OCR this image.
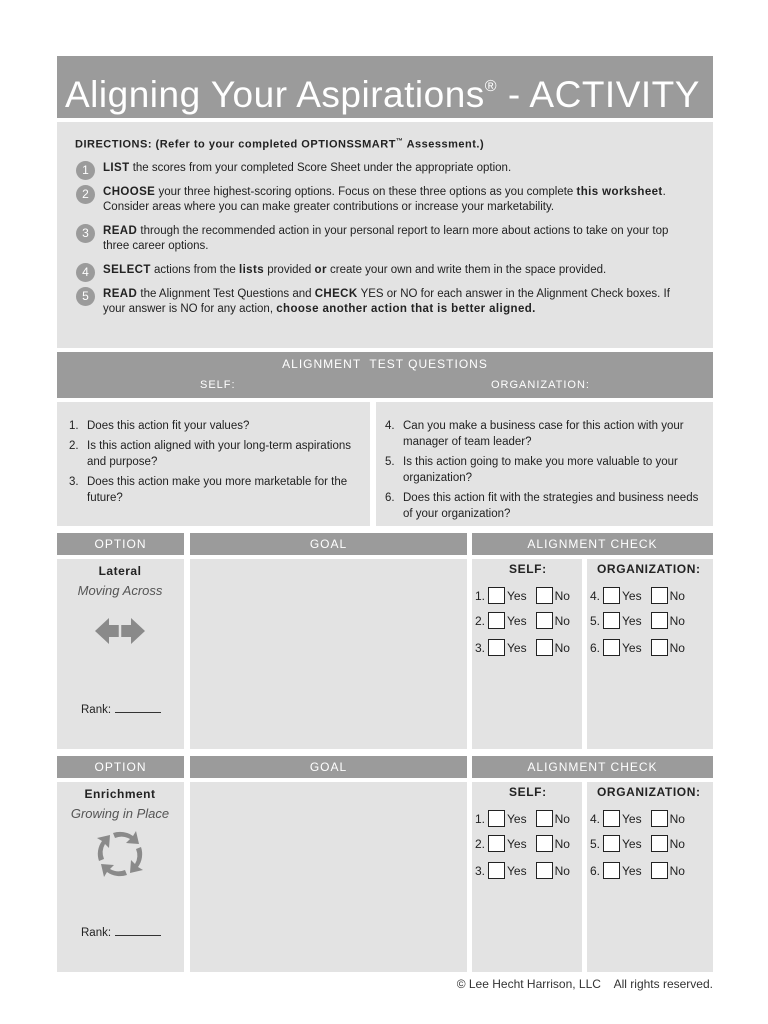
Aligning Your Aspirations® - ACTIVITY
DIRECTIONS: (Refer to your completed OPTIONSSMART™ Assessment.)
1	LIST the scores from your completed Score Sheet under the appropriate option.
2	CHOOSE your three highest-scoring options. Focus on these three options as you complete this worksheet. Consider areas where you can make greater contributions or increase your marketability.
3	READ through the recommended action in your personal report to learn more about actions to take on your top three career options.
4	SELECT actions from the lists provided or create your own and write them in the space provided.
5	READ the Alignment Test Questions and CHECK YES or NO for each answer in the Alignment Check boxes. If your answer is NO for any action, choose another action that is better aligned.
ALIGNMENT  TEST QUESTIONS
SELF:	ORGANIZATION:
1. Does this action fit your values?
2. Is this action aligned with your long-term aspirations and purpose?
3. Does this action make you more marketable for the future?
4. Can you make a business case for this action with your manager of team leader?
5. Is this action going to make you more valuable to your organization?
6. Does this action fit with the strategies and business needs of your organization?
OPTION	GOAL	ALIGNMENT CHECK
Lateral
Moving Across
Rank:
SELF:
1. Yes No
2. Yes No
3. Yes No
ORGANIZATION:
4. Yes No
5. Yes No
6. Yes No
OPTION	GOAL	ALIGNMENT CHECK
Enrichment
Growing in Place
Rank:
SELF:
1. Yes No
2. Yes No
3. Yes No
ORGANIZATION:
4. Yes No
5. Yes No
6. Yes No
© Lee Hecht Harrison, LLC    All rights reserved.
